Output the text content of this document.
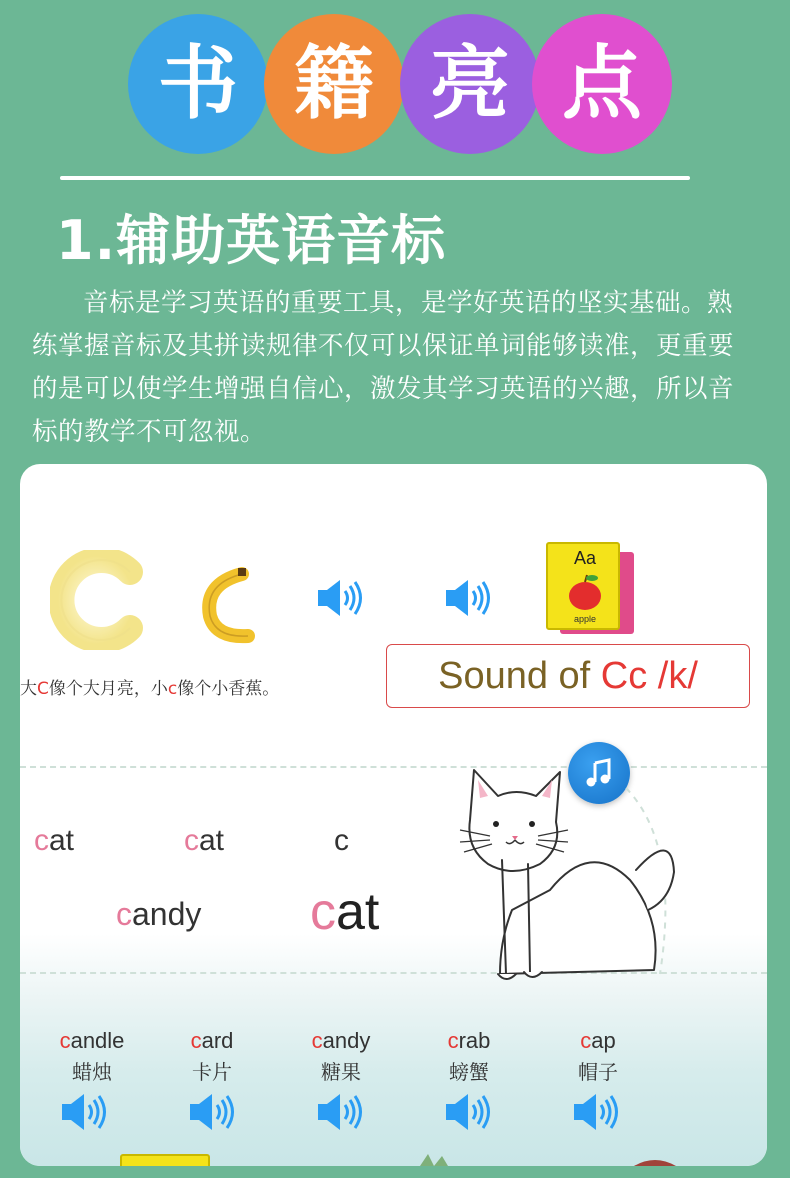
书 籍 亮 点
1.辅助英语音标
音标是学习英语的重要工具，是学好英语的坚实基础。熟练掌握音标及其拼读规律不仅可以保证单词能够读准，更重要的是可以使学生增强自信心，激发其学习英语的兴趣，所以音标的教学不可忽视。
Aa
apple
大C像个大月亮，小c像个小香蕉。	Sound of Cc /k/
cat	cat	c
candy cat
candle
蜡烛
card
卡片
candy
糖果
crab
螃蟹
cap
帽子
